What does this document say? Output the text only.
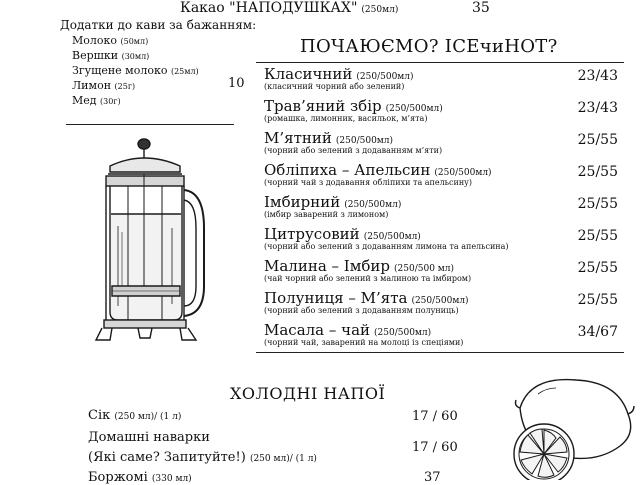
Какао "НАПОДУШКАХ" (250мл)	35
Додатки до кави за бажанням:
Молоко (50мл)
Вершки (30мл)
Згущене молоко (25мл)
Лимон (25г)
Мед (30г)
10
ПОЧАЮЄМО? ICEчиНОТ?
Класичний (250/500мл)
(класичний чорний або зелений)
23/43
Трав’яний збір (250/500мл)
(ромашка, лимонник, васильок, м’ята)
23/43
М’ятний (250/500мл)
(чорний або зелений з додаванням м’яти)
25/55
Обліпиха – Апельсин (250/500мл)
(чорний чай з додавання обліпихи та апельсину)
25/55
Імбирний (250/500мл)
(імбир заварений з лимоном)
25/55
Цитрусовий (250/500мл)
(чорний або зелений з додаванням лимона та апельсина)
25/55
Малина – Імбир (250/500 мл)
(чай чорний або зелений з малиною та імбиром)
25/55
Полуниця – М’ята (250/500мл)
(чорний або зелений з додаванням полуниць)
25/55
Масала – чай (250/500мл)
(чорний чай, заварений на молоці із спеціями)
34/67
ХОЛОДНІ НАПОЇ
Сік (250 мл)/ (1 л)	17 / 60
Домашні наварки
(Які саме? Запитуйте!) (250 мл)/ (1 л)
17 / 60
Боржомі (330 мл)	37
